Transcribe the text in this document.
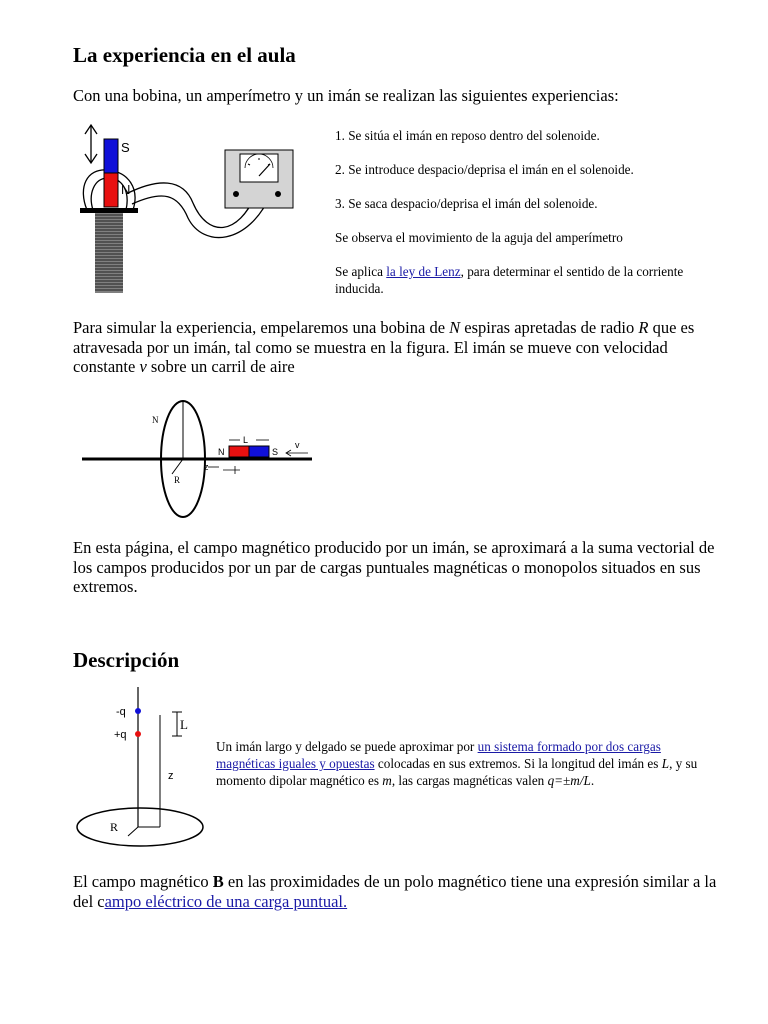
La experiencia en el aula

Con una bobina, un amperímetro y un imán se realizan las siguientes experiencias:

S
N

1. Se sitúa el imán en reposo dentro del solenoide.

2. Se introduce despacio/deprisa el imán en el solenoide.

3. Se saca despacio/deprisa el imán del solenoide.

Se observa el movimiento de la aguja del amperímetro

Se aplica la ley de Lenz, para determinar el sentido de la corriente inducida.

Para simular la experiencia, empelaremos una bobina de N espiras apretadas de radio R que es atravesada por un imán, tal como se muestra en la figura. El imán se mueve con velocidad constante v sobre un carril de aire

N
R
N	S
L	v
z

En esta página, el campo magnético producido por un imán, se aproximará a la suma vectorial de los campos producidos por un par de cargas puntuales magnéticas o monopolos situados en sus extremos.

Descripción
-q
+q
L
z
R

Un imán largo y delgado se puede aproximar por un sistema formado por dos cargas magnéticas iguales y opuestas colocadas en sus extremos. Si la longitud del imán es L, y su momento dipolar magnético es m, las cargas magnéticas valen q=±m/L.

El campo magnético B en las proximidades de un polo magnético tiene una expresión similar a la del campo eléctrico de una carga puntual.
